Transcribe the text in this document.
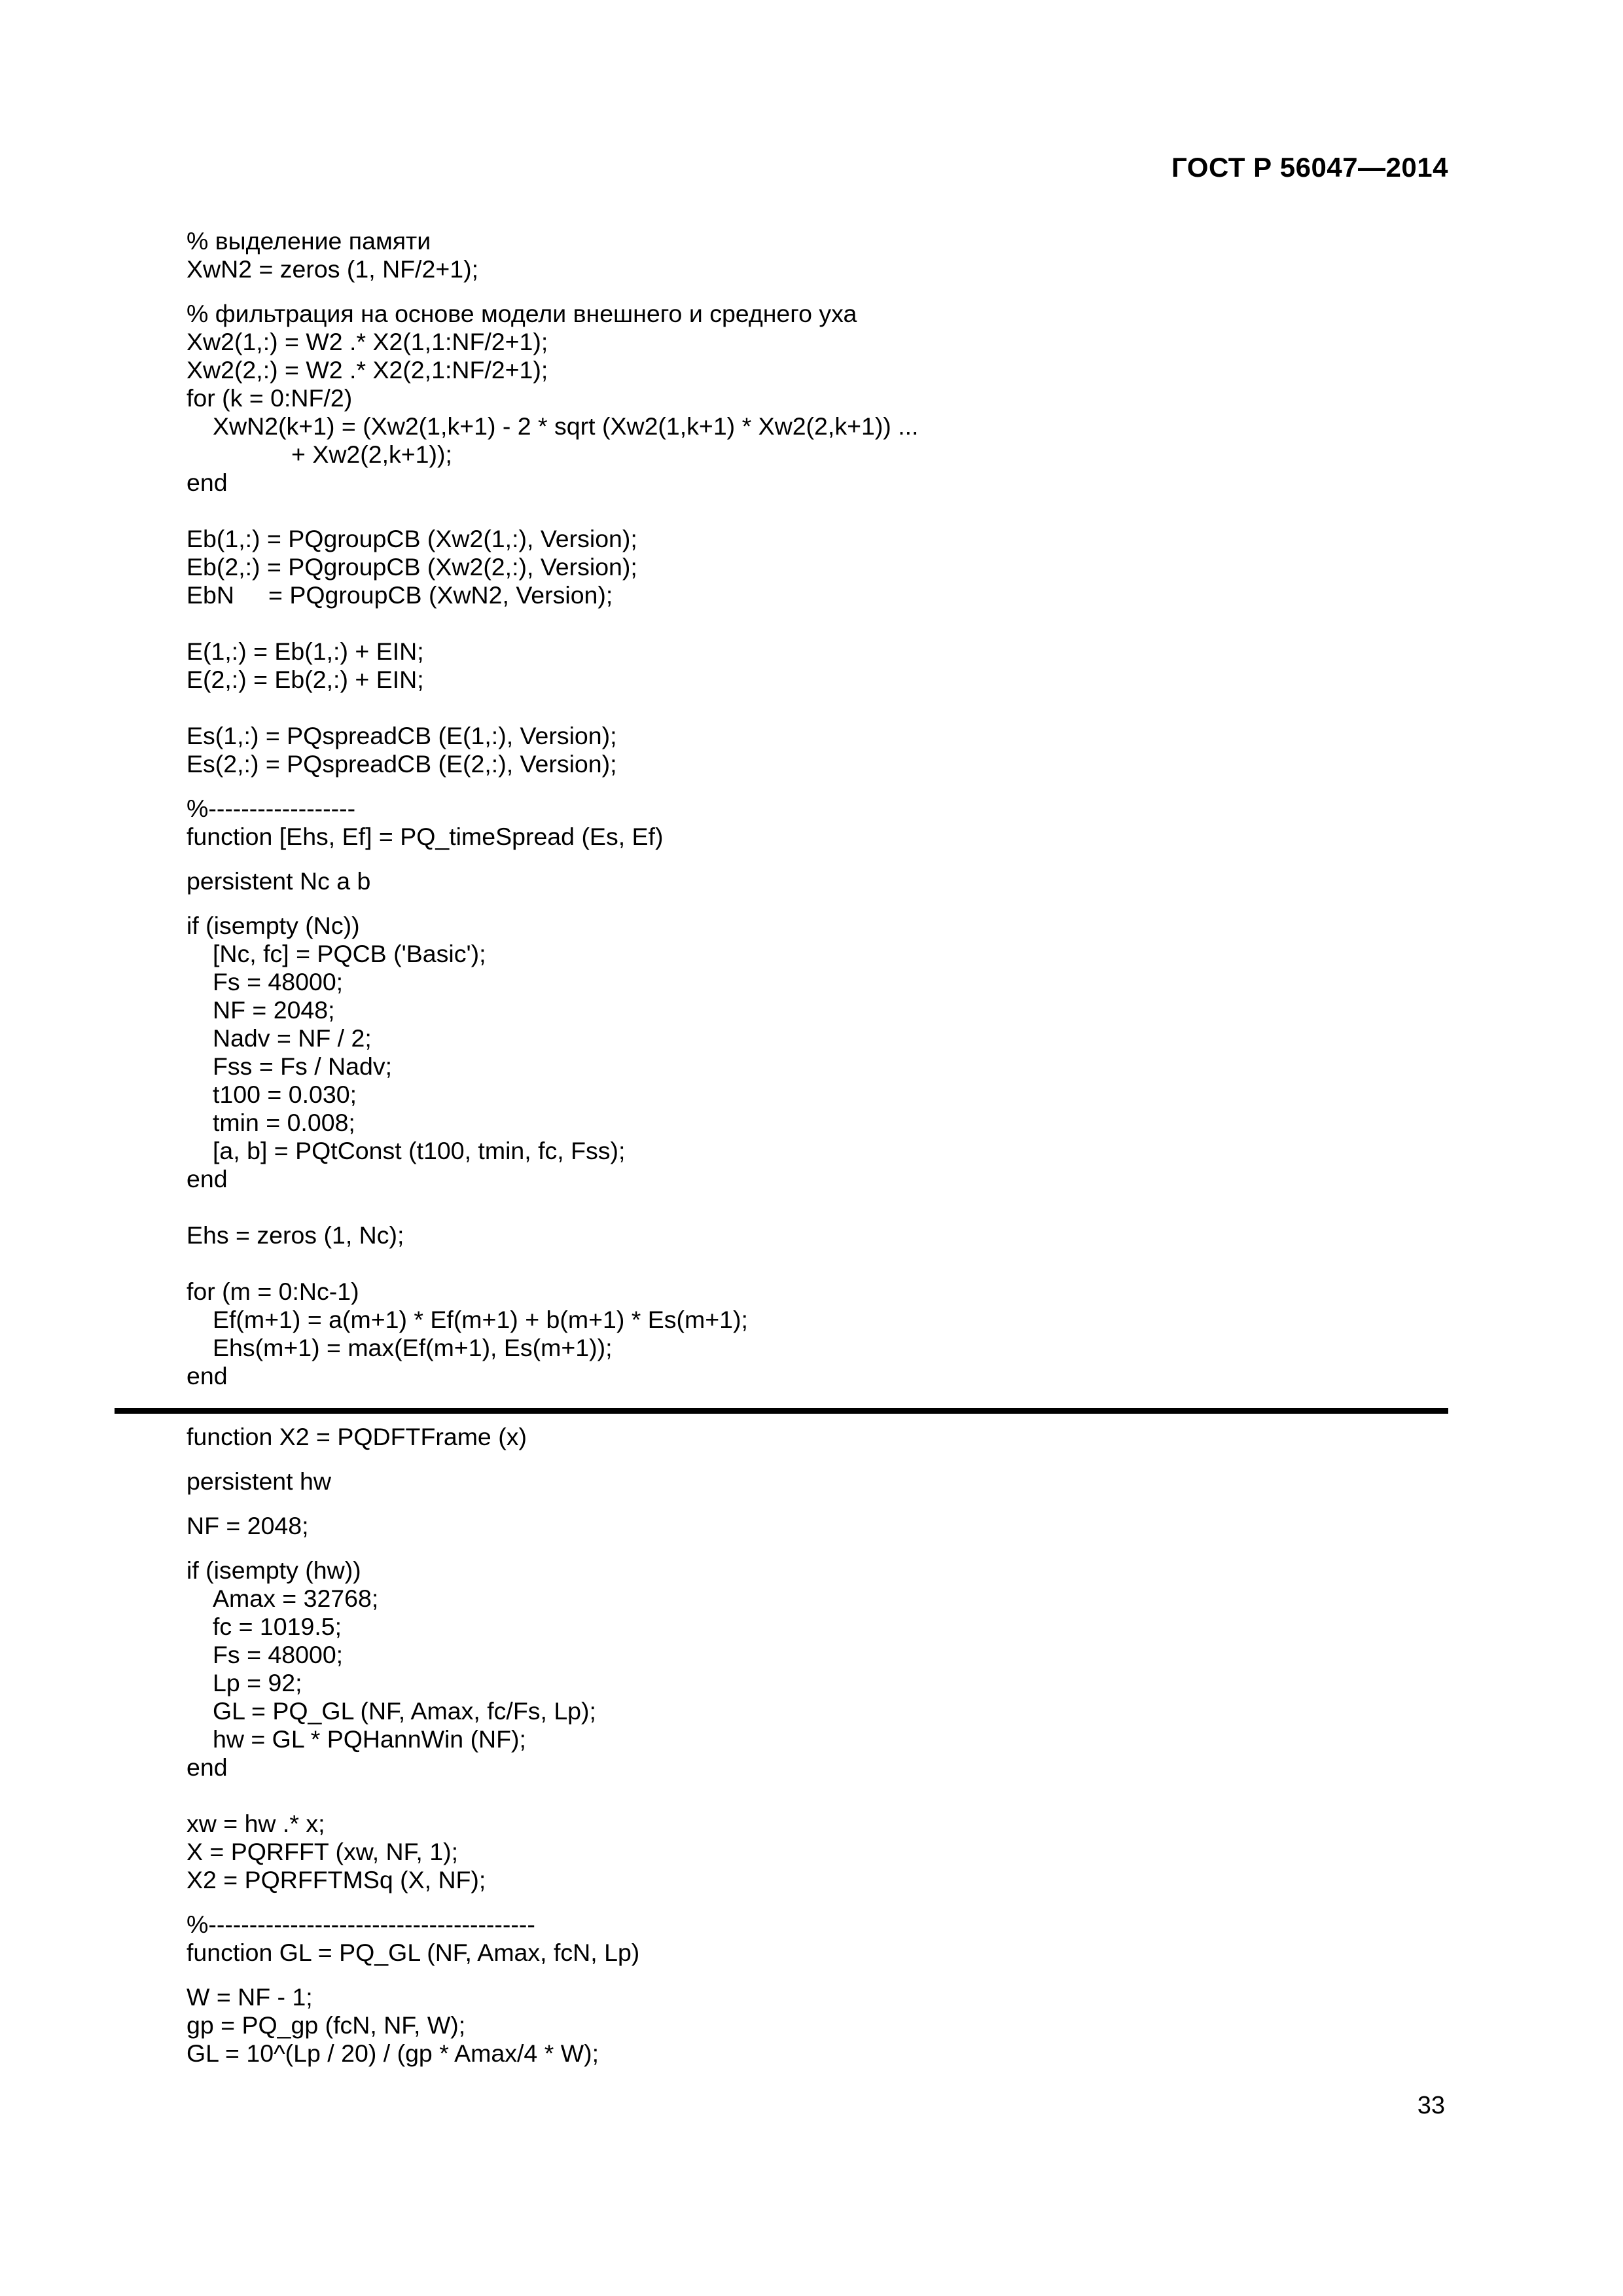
ГОСТ Р 56047—2014
% выделение памяти
XwN2 = zeros (1, NF/2+1);
% фильтрация на основе модели внешнего и среднего уха
Xw2(1,:) = W2 .* X2(1,1:NF/2+1);
Xw2(2,:) = W2 .* X2(2,1:NF/2+1);
for (k = 0:NF/2)
XwN2(k+1) = (Xw2(1,k+1) - 2 * sqrt (Xw2(1,k+1) * Xw2(2,k+1)) ...
+ Xw2(2,k+1));
end
Eb(1,:) = PQgroupCB (Xw2(1,:), Version);
Eb(2,:) = PQgroupCB (Xw2(2,:), Version);
EbN     = PQgroupCB (XwN2, Version);
E(1,:) = Eb(1,:) + EIN;
E(2,:) = Eb(2,:) + EIN;
Es(1,:) = PQspreadCB (E(1,:), Version);
Es(2,:) = PQspreadCB (E(2,:), Version);
%------------------
function [Ehs, Ef] = PQ_timeSpread (Es, Ef)
persistent Nc a b
if (isempty (Nc))
[Nc, fc] = PQCB ('Basic');
Fs = 48000;
NF = 2048;
Nadv = NF / 2;
Fss = Fs / Nadv;
t100 = 0.030;
tmin = 0.008;
[a, b] = PQtConst (t100, tmin, fc, Fss);
end
Ehs = zeros (1, Nc);
for (m = 0:Nc-1)
Ef(m+1) = a(m+1) * Ef(m+1) + b(m+1) * Es(m+1);
Ehs(m+1) = max(Ef(m+1), Es(m+1));
end
function X2 = PQDFTFrame (x)
persistent hw
NF = 2048;
if (isempty (hw))
Amax = 32768;
fc = 1019.5;
Fs = 48000;
Lp = 92;
GL = PQ_GL (NF, Amax, fc/Fs, Lp);
hw = GL * PQHannWin (NF);
end
xw = hw .* x;
X = PQRFFT (xw, NF, 1);
X2 = PQRFFTMSq (X, NF);
%----------------------------------------
function GL = PQ_GL (NF, Amax, fcN, Lp)
W = NF - 1;
gp = PQ_gp (fcN, NF, W);
GL = 10^(Lp / 20) / (gp * Amax/4 * W);
33
